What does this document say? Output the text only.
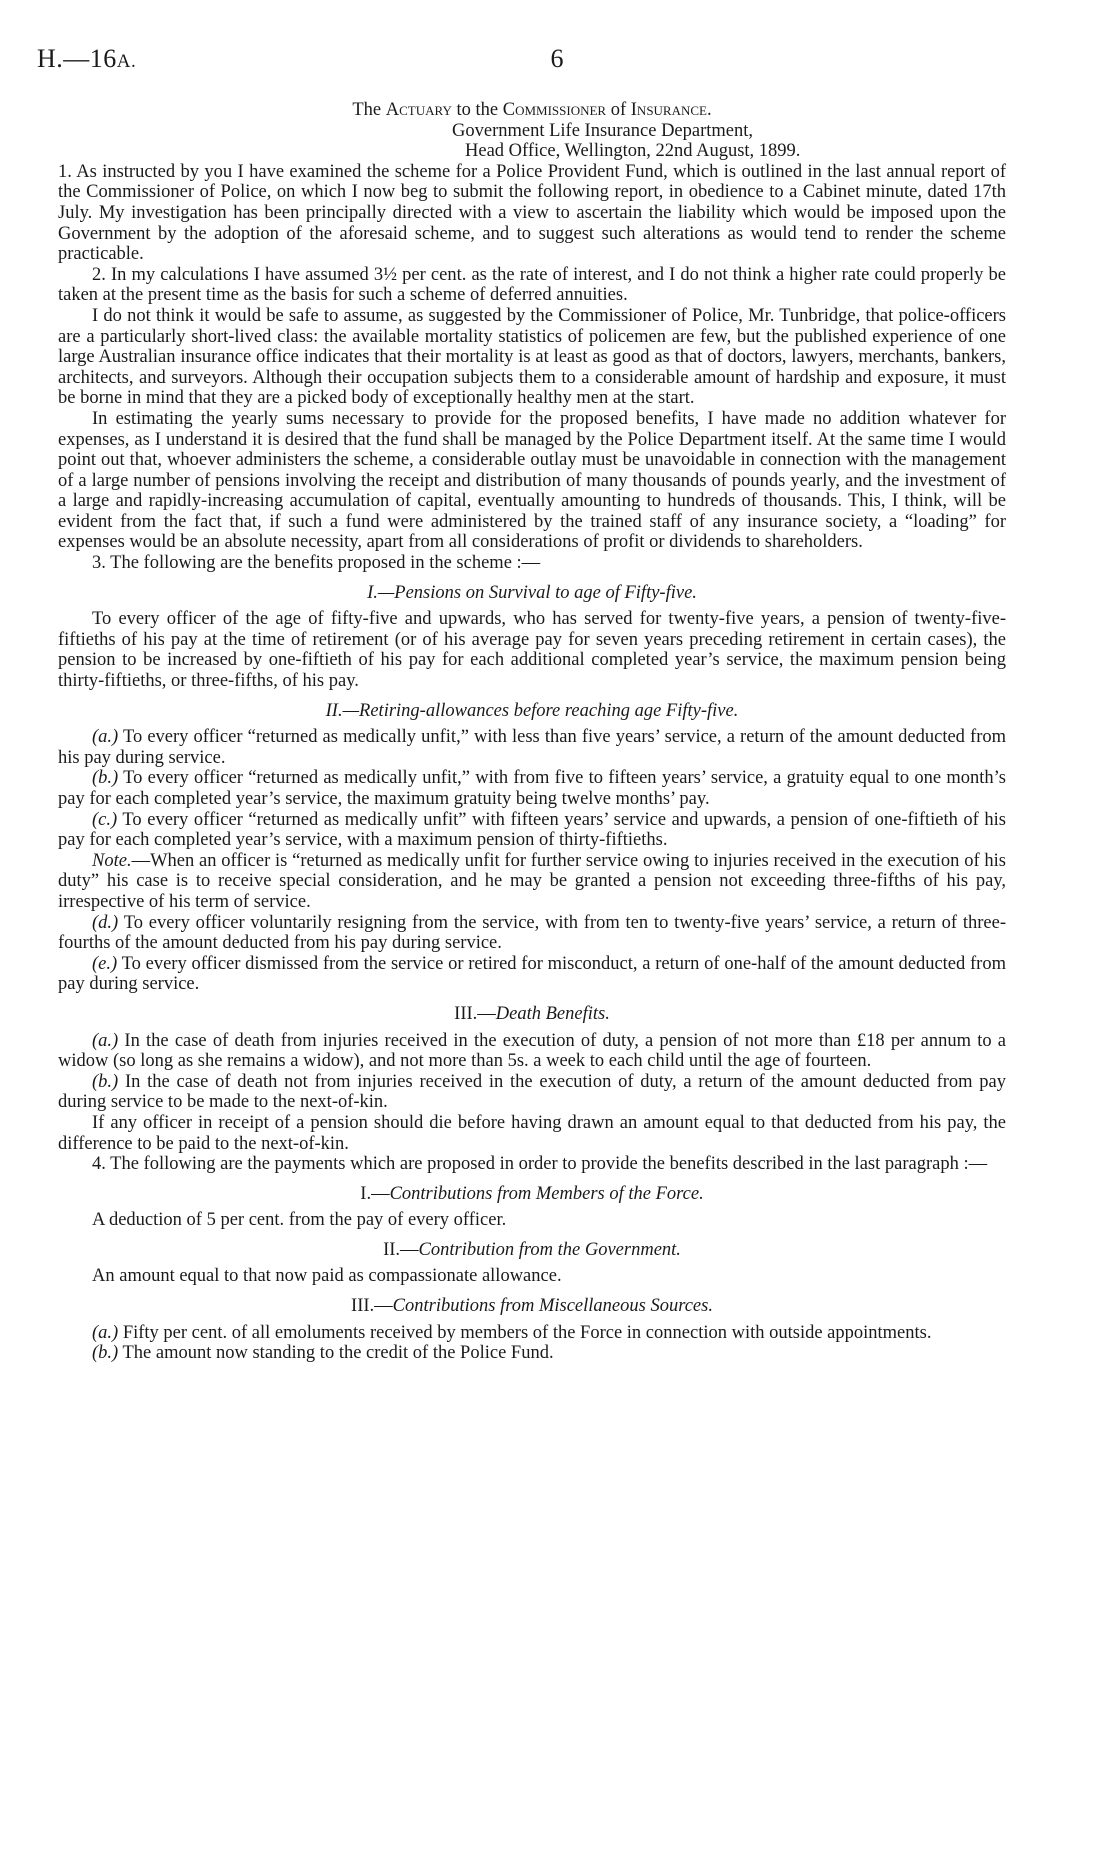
H.—16A.	6

The Actuary to the Commissioner of Insurance.

Government Life Insurance Department,

Head Office, Wellington, 22nd August, 1899.

1. As instructed by you I have examined the scheme for a Police Provident Fund, which is outlined in the last annual report of the Commissioner of Police, on which I now beg to submit the following report, in obedience to a Cabinet minute, dated 17th July. My investigation has been principally directed with a view to ascertain the liability which would be imposed upon the Government by the adoption of the aforesaid scheme, and to suggest such alterations as would tend to render the scheme practicable.

2. In my calculations I have assumed 3½ per cent. as the rate of interest, and I do not think a higher rate could properly be taken at the present time as the basis for such a scheme of deferred annuities.

I do not think it would be safe to assume, as suggested by the Commissioner of Police, Mr. Tunbridge, that police-officers are a particularly short-lived class: the available mortality statistics of policemen are few, but the published experience of one large Australian insurance office indicates that their mortality is at least as good as that of doctors, lawyers, merchants, bankers, architects, and surveyors. Although their occupation subjects them to a considerable amount of hardship and exposure, it must be borne in mind that they are a picked body of exceptionally healthy men at the start.

In estimating the yearly sums necessary to provide for the proposed benefits, I have made no addition whatever for expenses, as I understand it is desired that the fund shall be managed by the Police Department itself. At the same time I would point out that, whoever administers the scheme, a considerable outlay must be unavoidable in connection with the management of a large number of pensions involving the receipt and distribution of many thousands of pounds yearly, and the investment of a large and rapidly-increasing accumulation of capital, eventually amounting to hundreds of thousands. This, I think, will be evident from the fact that, if such a fund were administered by the trained staff of any insurance society, a “loading” for expenses would be an absolute necessity, apart from all considerations of profit or dividends to shareholders.

3. The following are the benefits proposed in the scheme :—

I.—Pensions on Survival to age of Fifty-five.

To every officer of the age of fifty-five and upwards, who has served for twenty-five years, a pension of twenty-five-fiftieths of his pay at the time of retirement (or of his average pay for seven years preceding retirement in certain cases), the pension to be increased by one-fiftieth of his pay for each additional completed year’s service, the maximum pension being thirty-fiftieths, or three-fifths, of his pay.

II.—Retiring-allowances before reaching age Fifty-five.

(a.) To every officer “returned as medically unfit,” with less than five years’ service, a return of the amount deducted from his pay during service.

(b.) To every officer “returned as medically unfit,” with from five to fifteen years’ service, a gratuity equal to one month’s pay for each completed year’s service, the maximum gratuity being twelve months’ pay.

(c.) To every officer “returned as medically unfit” with fifteen years’ service and upwards, a pension of one-fiftieth of his pay for each completed year’s service, with a maximum pension of thirty-fiftieths.

Note.—When an officer is “returned as medically unfit for further service owing to injuries received in the execution of his duty” his case is to receive special consideration, and he may be granted a pension not exceeding three-fifths of his pay, irrespective of his term of service.

(d.) To every officer voluntarily resigning from the service, with from ten to twenty-five years’ service, a return of three-fourths of the amount deducted from his pay during service.

(e.) To every officer dismissed from the service or retired for misconduct, a return of one-half of the amount deducted from pay during service.

III.—Death Benefits.

(a.) In the case of death from injuries received in the execution of duty, a pension of not more than £18 per annum to a widow (so long as she remains a widow), and not more than 5s. a week to each child until the age of fourteen.

(b.) In the case of death not from injuries received in the execution of duty, a return of the amount deducted from pay during service to be made to the next-of-kin.

If any officer in receipt of a pension should die before having drawn an amount equal to that deducted from his pay, the difference to be paid to the next-of-kin.

4. The following are the payments which are proposed in order to provide the benefits described in the last paragraph :—

I.—Contributions from Members of the Force.

A deduction of 5 per cent. from the pay of every officer.

II.—Contribution from the Government.

An amount equal to that now paid as compassionate allowance.

III.—Contributions from Miscellaneous Sources.

(a.) Fifty per cent. of all emoluments received by members of the Force in connection with outside appointments.

(b.) The amount now standing to the credit of the Police Fund.
